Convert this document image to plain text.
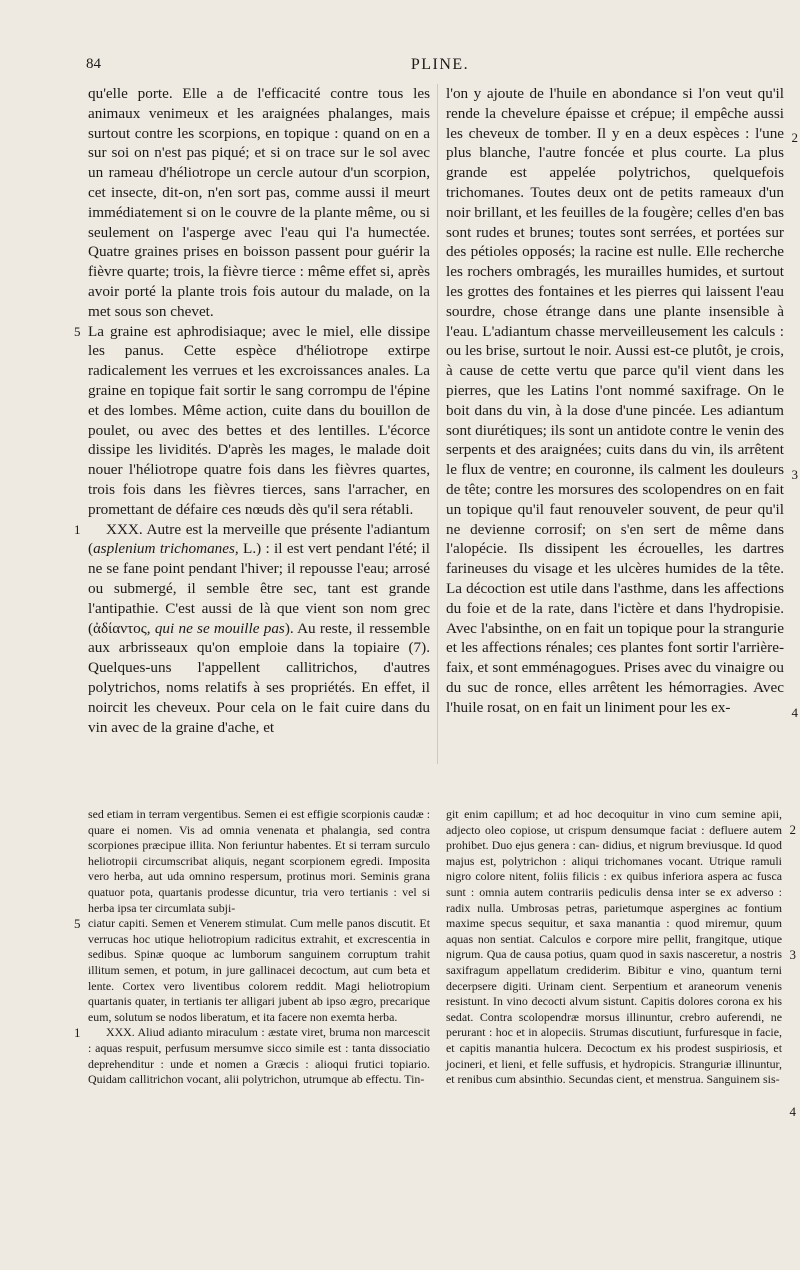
84	PLINE.

qu'elle porte. Elle a de l'efficacité contre tous les animaux venimeux et les araignées phalanges, mais surtout contre les scorpions, en topique : quand on en a sur soi on n'est pas piqué; et si on trace sur le sol avec un rameau d'héliotrope un cercle autour d'un scorpion, cet insecte, dit-on, n'en sort pas, comme aussi il meurt immédiatement si on le couvre de la plante même, ou si seulement on l'asperge avec l'eau qui l'a humectée. Quatre graines prises en boisson passent pour guérir la fièvre quarte; trois, la fièvre tierce : même effet si, après avoir porté la plante trois fois autour du malade, on la met sous son chevet.

5 La graine est aphrodisiaque; avec le miel, elle dissipe les panus. Cette espèce d'héliotrope extirpe radicalement les verrues et les excroissances anales. La graine en topique fait sortir le sang corrompu de l'épine et des lombes. Même action, cuite dans du bouillon de poulet, ou avec des bettes et des lentilles. L'écorce dissipe les lividités. D'après les mages, le malade doit nouer l'héliotrope quatre fois dans les fièvres quartes, trois fois dans les fièvres tierces, sans l'arracher, en promettant de défaire ces nœuds dès qu'il sera rétabli.

1 XXX. Autre est la merveille que présente l'adiantum (asplenium trichomanes, L.) : il est vert pendant l'été; il ne se fane point pendant l'hiver; il repousse l'eau; arrosé ou submergé, il semble être sec, tant est grande l'antipathie. C'est aussi de là que vient son nom grec (ἀδίαντος, qui ne se mouille pas). Au reste, il ressemble aux arbrisseaux qu'on emploie dans la topiaire (7). Quelques-uns l'appellent callitrichos, d'autres polytrichos, noms relatifs à ses propriétés. En effet, il noircit les cheveux. Pour cela on le fait cuire dans du vin avec de la graine d'ache, et

l'on y ajoute de l'huile en abondance si l'on veut qu'il rende la chevelure épaisse et crépue; il empêche aussi les cheveux de tomber. Il y en a deux espèces : l'une plus blanche, l'autre foncée et plus courte. La plus grande est appelée polytrichos, quelquefois trichomanes. Toutes deux ont de petits rameaux d'un noir brillant, et les feuilles de la fougère; celles d'en bas sont rudes et brunes; toutes sont serrées, et portées sur des pétioles opposés; la racine est nulle. Elle recherche les rochers ombragés, les murailles humides, et surtout les grottes des fontaines et les pierres qui laissent l'eau sourdre, chose étrange dans une plante insensible à l'eau. L'adiantum chasse merveilleusement les calculs : ou les brise, surtout le noir. Aussi est-ce plutôt, je crois, à cause de cette vertu que parce qu'il vient dans les pierres, que les Latins l'ont nommé saxifrage. On le boit dans du vin, à la dose d'une pincée. Les adiantum sont diurétiques; ils sont un antidote contre le venin des serpents et des araignées; cuits dans du vin, ils arrêtent le flux de ventre; en couronne, ils calment les douleurs de tête; contre les morsures des scolopendres on en fait un topique qu'il faut renouveler souvent, de peur qu'il ne devienne corrosif; on s'en sert de même dans l'alopécie. Ils dissipent les écrouelles, les dartres farineuses du visage et les ulcères humides de la tête. La décoction est utile dans l'asthme, dans les affections du foie et de la rate, dans l'ictère et dans l'hydropisie. Avec l'absinthe, on en fait un topique pour la strangurie et les affections rénales; ces plantes font sortir l'arrière-faix, et sont emménagogues. Prises avec du vinaigre ou du suc de ronce, elles arrêtent les hémorragies. Avec l'huile rosat, on en fait un liniment pour les ex-
2
3
4

sed etiam in terram vergentibus. Semen ei est effigie scorpionis caudæ : quare ei nomen. Vis ad omnia venenata et phalangia, sed contra scorpiones præcipue illita. Non feriuntur habentes. Et si terram surculo heliotropii circumscribat aliquis, negant scorpionem egredi. Imposita vero herba, aut uda omnino respersum, protinus mori. Seminis grana quatuor pota, quartanis prodesse dicuntur, tria vero tertianis : vel si herba ipsa ter circumlata subji-

5 ciatur capiti. Semen et Venerem stimulat. Cum melle panos discutit. Et verrucas hoc utique heliotropium radicitus extrahit, et excrescentia in sedibus. Spinæ quoque ac lumborum sanguinem corruptum trahit illitum semen, et potum, in jure gallinacei decoctum, aut cum beta et lente. Cortex vero liventibus colorem reddit. Magi heliotropium quartanis quater, in tertianis ter alligari jubent ab ipso ægro, precarique eum, solutum se nodos liberatum, et ita facere non exemta herba.

1 XXX. Aliud adianto miraculum : æstate viret, bruma non marcescit : aquas respuit, perfusum mersumve sicco simile est : tanta dissociatio deprehenditur : unde et nomen a Græcis : alioqui frutici topiario. Quidam callitrichon vocant, alii polytrichon, utrumque ab effectu. Tin-

git enim capillum; et ad hoc decoquitur in vino cum semine apii, adjecto oleo copiose, ut crispum densumque faciat : defluere autem prohibet. Duo ejus genera : can- didius, et nigrum breviusque. Id quod majus est, polytrichon : aliqui trichomanes vocant. Utrique ramuli nigro colore nitent, foliis filicis : ex quibus inferiora aspera ac fusca sunt : omnia autem contrariis pediculis densa inter se ex adverso : radix nulla. Umbrosas petras, parietumque aspergines ac fontium maxime specus sequitur, et saxa manantia : quod miremur, quum aquas non sentiat. Calculos e corpore mire pellit, frangitque, utique nigrum. Qua de causa potius, quam quod in saxis nasceretur, a nostris saxifragum appellatum crediderim. Bibitur e vino, quantum terni decerpsere digiti. Urinam cient. Serpentium et araneorum venenis resistunt. In vino decocti alvum sistunt. Capitis dolores corona ex his sedat. Contra scolopendræ morsus illinuntur, crebro auferendi, ne perurant : hoc et in alopeciis. Strumas discutiunt, furfuresque in facie, et capitis manantia hulcera. Decoctum ex his prodest suspiriosis, et jocineri, et lieni, et felle suffusis, et hydropicis. Stranguriæ illinuntur, et renibus cum absinthio. Secundas cient, et menstrua. Sanguinem sis-
2
3
4
